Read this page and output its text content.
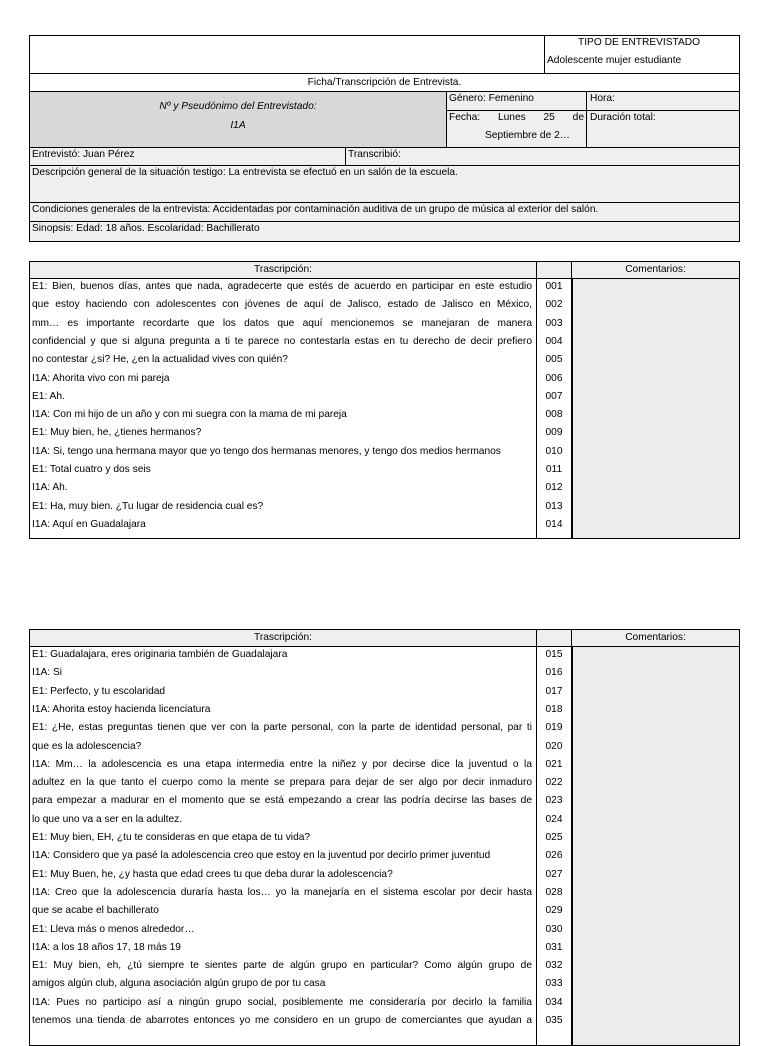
TIPO DE ENTREVISTADO
Adolescente mujer estudiante
Ficha/Transcripción de Entrevista.
Nº y Pseudónimo del Entrevistado:
I1A
Género: Femenino	Hora:
Fecha: Lunes 25 de
Septiembre de 2…
Duración total:
Entrevistó: Juan Pérez	Transcribió:
Descripción general de la situación testigo: La entrevista se efectuó en un salón de la escuela.
Condiciones generales de la entrevista: Accidentadas por contaminación auditiva de un grupo de música al exterior del salón.
Sinopsis: Edad: 18 años. Escolaridad: Bachillerato
Trascripción:	Comentarios:
E1: Bien, buenos días, antes que nada, agradecerte que estés de acuerdo en participar en este estudio	001
que estoy haciendo con adolescentes con jóvenes de aquí de Jalisco, estado de Jalisco en México,	002
mm… es importante recordarte que los datos que aquí mencionemos se manejaran de manera	003
confidencial y que si alguna pregunta a ti te parece no contestarla estas en tu derecho de decir prefiero	004
no contestar ¿si? He, ¿en la actualidad vives con quién?	005
I1A: Ahorita vivo con mi pareja	006
E1: Ah.	007
I1A: Con mi hijo de un año y con mi suegra con la mama de mi pareja	008
E1: Muy bien, he, ¿tienes hermanos?	009
I1A: Si, tengo una hermana mayor que yo tengo dos hermanas menores, y tengo dos medios hermanos	010
E1: Total cuatro y dos seis	011
I1A: Ah.	012
E1: Ha, muy bien. ¿Tu lugar de residencia cual es?	013
I1A: Aquí en Guadalajara	014
Trascripción:	Comentarios:
E1: Guadalajara, eres originaria también de Guadalajara	015
I1A: Si	016
E1: Perfecto, y tu escolaridad	017
I1A: Ahorita estoy hacienda licenciatura	018
E1: ¿He, estas preguntas tienen que ver con la parte personal, con la parte de identidad personal, par ti	019
que es la adolescencia?	020
I1A: Mm… la adolescencia es una etapa intermedia entre la niñez y por decirse dice la juventud o la	021
adultez en la que tanto el cuerpo como la mente se prepara para dejar de ser algo por decir inmaduro	022
para empezar a madurar en el momento que se está empezando a crear las podría decirse las bases de	023
lo que uno va a ser en la adultez.	024
E1: Muy bien, EH, ¿tu te consideras en que etapa de tu vida?	025
I1A: Considero que ya pasé la adolescencia creo que estoy en la juventud por decirlo primer juventud	026
E1: Muy Buen, he, ¿y hasta que edad crees tu que deba durar la adolescencia?	027
I1A: Creo que la adolescencia duraría hasta los… yo la manejaría en el sistema escolar por decir hasta	028
que se acabe el bachillerato	029
E1: Lleva más o menos alrededor…	030
I1A: a los 18 años 17, 18 más 19	031
E1: Muy bien, eh, ¿tú siempre te sientes parte de algún grupo en particular? Como algún grupo de	032
amigos algún club, alguna asociación algún grupo de por tu casa	033
I1A: Pues no participo así a ningún grupo social, posiblemente me consideraría por decirlo la familia	034
tenemos una tienda de abarrotes entonces yo me considero en un grupo de comerciantes que ayudan a	035
